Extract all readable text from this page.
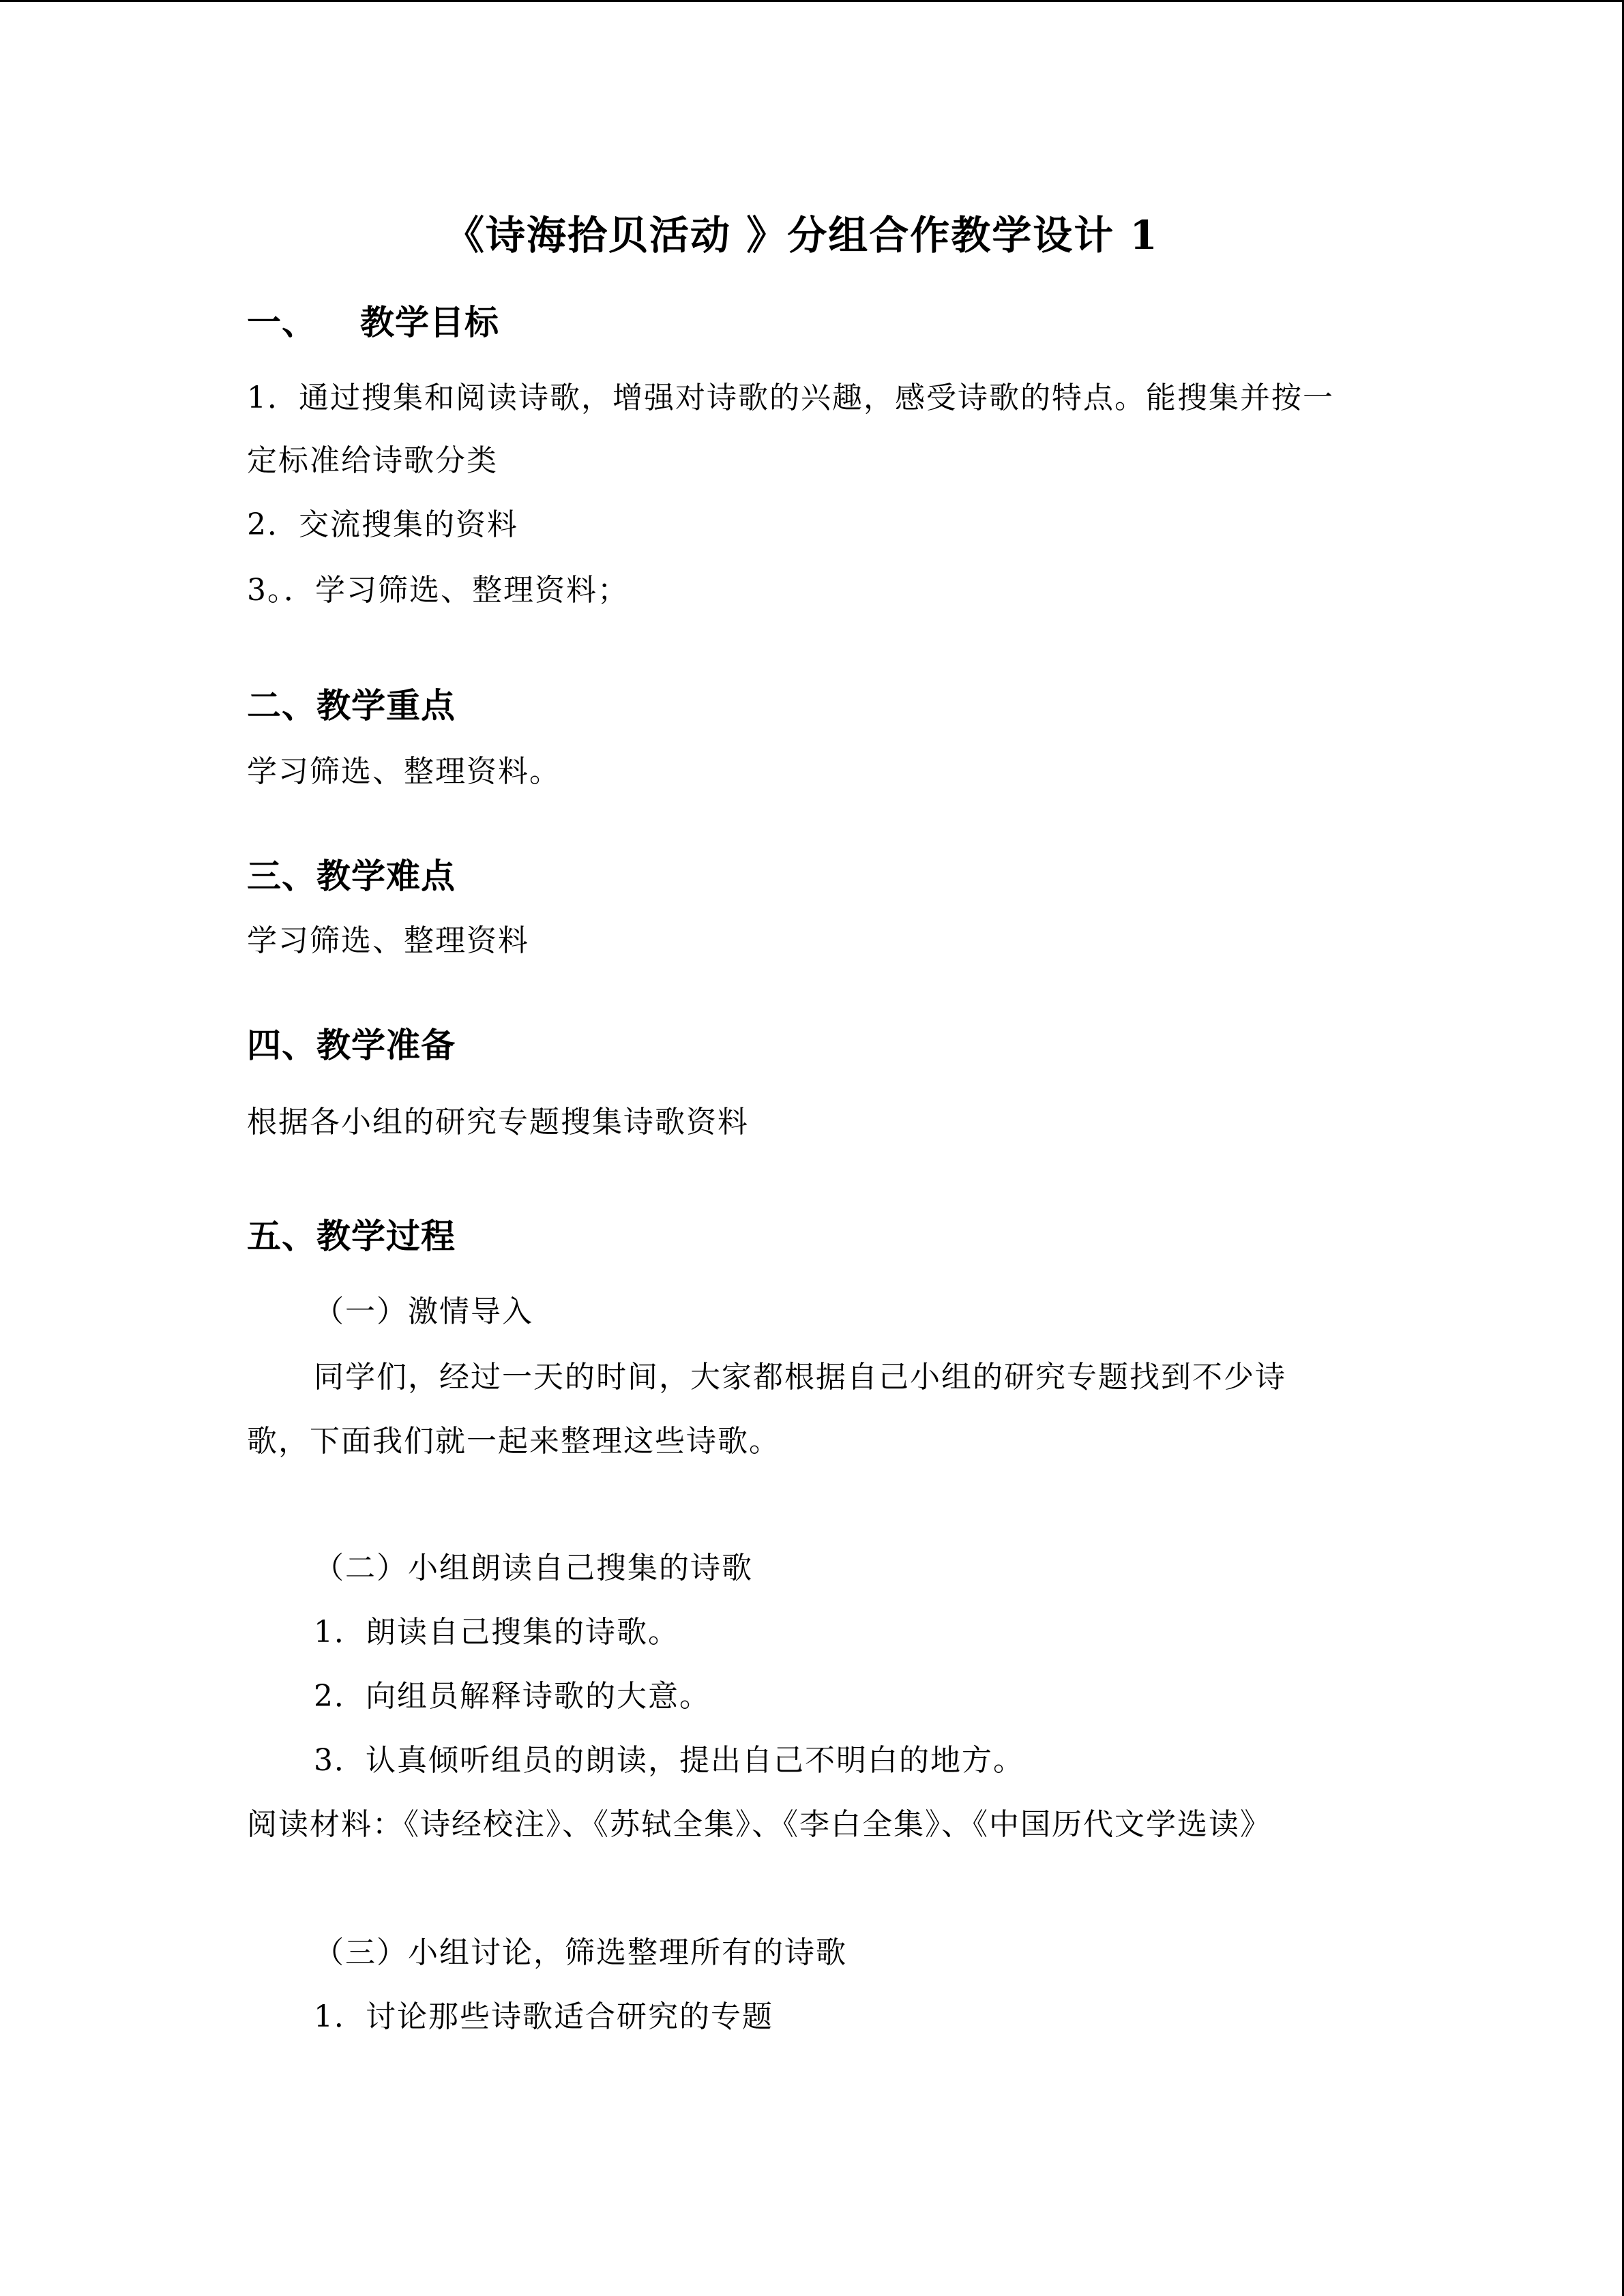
《诗海拾贝活动 》分组合作教学设计 1
一、 教学目标
1．通过搜集和阅读诗歌，增强对诗歌的兴趣，感受诗歌的特点。能搜集并按一
定标准给诗歌分类
2．交流搜集的资料
3。．学习筛选、整理资料；
二、教学重点
学习筛选、整理资料。
三、教学难点
学习筛选、整理资料
四、教学准备
根据各小组的研究专题搜集诗歌资料
五、教学过程
（一）激情导入
同学们，经过一天的时间，大家都根据自己小组的研究专题找到不少诗
歌，下面我们就一起来整理这些诗歌。
（二）小组朗读自己搜集的诗歌
1．朗读自己搜集的诗歌。
2．向组员解释诗歌的大意。
3．认真倾听组员的朗读，提出自己不明白的地方。
阅读材料：《诗经校注》、《苏轼全集》、《李白全集》、《中国历代文学选读》
（三）小组讨论，筛选整理所有的诗歌
1．讨论那些诗歌适合研究的专题
